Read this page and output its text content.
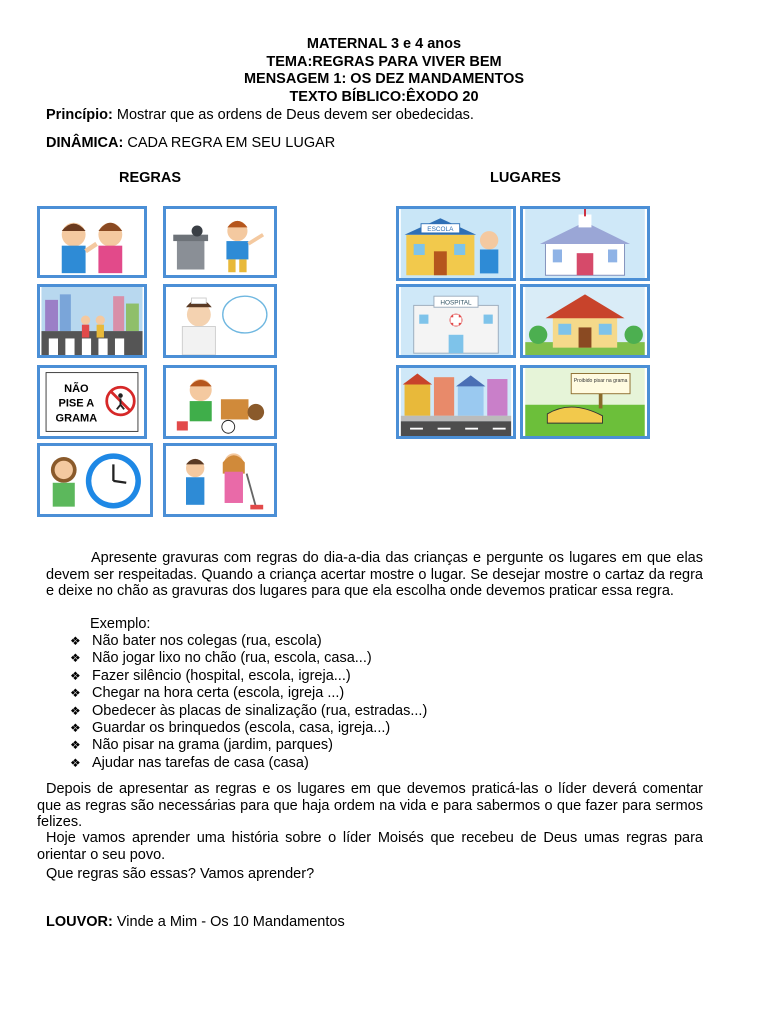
MATERNAL 3 e 4 anos
TEMA:REGRAS PARA VIVER BEM
MENSAGEM 1: OS DEZ MANDAMENTOS
TEXTO BÍBLICO:ÊXODO 20
Princípio: Mostrar que as ordens de Deus devem ser obedecidas.
DINÂMICA: CADA REGRA EM SEU LUGAR
REGRAS	LUGARES
NÃO
PISE A
GRAMA
ESCOLA
HOSPITAL
Proibido pisar na grama
Apresente gravuras com regras do dia-a-dia das crianças e pergunte os lugares em que elas devem ser respeitadas. Quando a criança acertar mostre o lugar. Se desejar mostre o cartaz da regra e deixe no chão as gravuras dos lugares para que ela escolha onde devemos praticar essa regra.
Exemplo:
❖ Não bater nos colegas (rua, escola)
❖ Não jogar lixo no chão (rua, escola, casa...)
❖ Fazer silêncio (hospital, escola, igreja...)
❖ Chegar na hora certa (escola, igreja ...)
❖ Obedecer às placas de sinalização (rua, estradas...)
❖ Guardar os brinquedos (escola, casa, igreja...)
❖ Não pisar na grama (jardim, parques)
❖ Ajudar nas tarefas de casa (casa)
Depois de apresentar as regras e os lugares em que devemos praticá-las o líder deverá comentar que as regras são necessárias para que haja ordem na vida e para sabermos o que fazer para sermos felizes.
Hoje vamos aprender uma história sobre o líder Moisés que recebeu de Deus umas regras para orientar o seu povo.
Que regras são essas? Vamos aprender?
LOUVOR: Vinde a Mim - Os 10 Mandamentos
